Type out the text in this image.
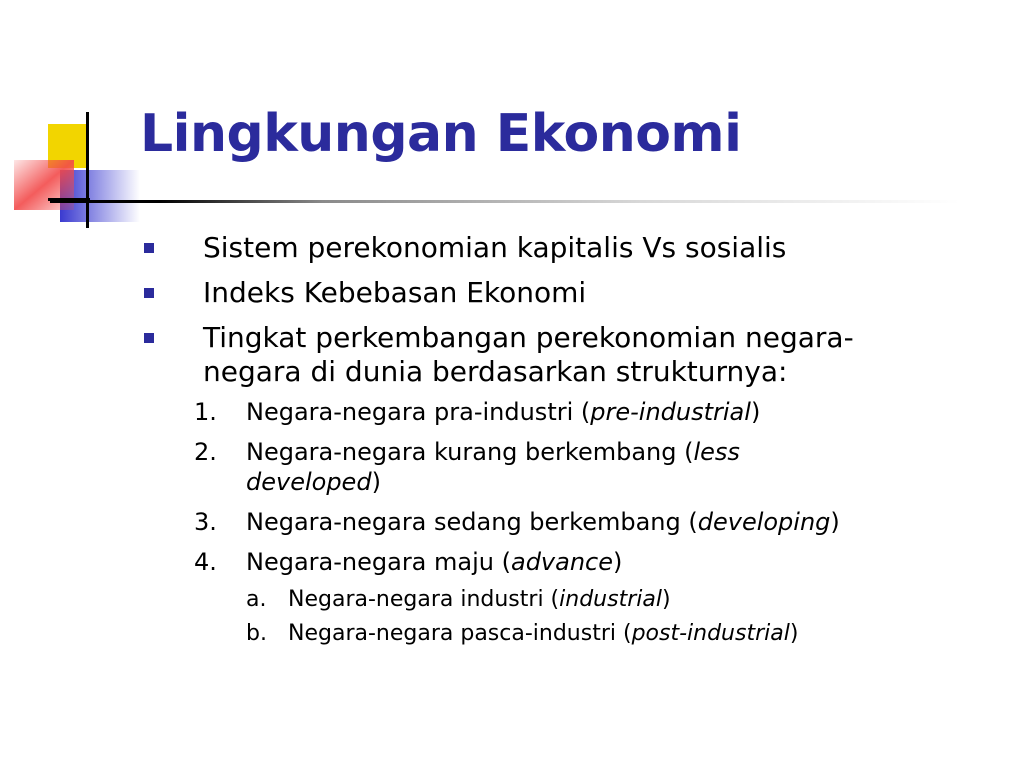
Lingkungan Ekonomi
Sistem perekonomian kapitalis Vs sosialis
Indeks Kebebasan Ekonomi
Tingkat perkembangan perekonomian negara-
negara di dunia berdasarkan strukturnya:
1. Negara-negara pra-industri (pre-industrial)
2. Negara-negara kurang berkembang (less
developed)
3. Negara-negara sedang berkembang (developing)
4. Negara-negara maju (advance)
a. Negara-negara industri (industrial)
b. Negara-negara pasca-industri (post-industrial)
